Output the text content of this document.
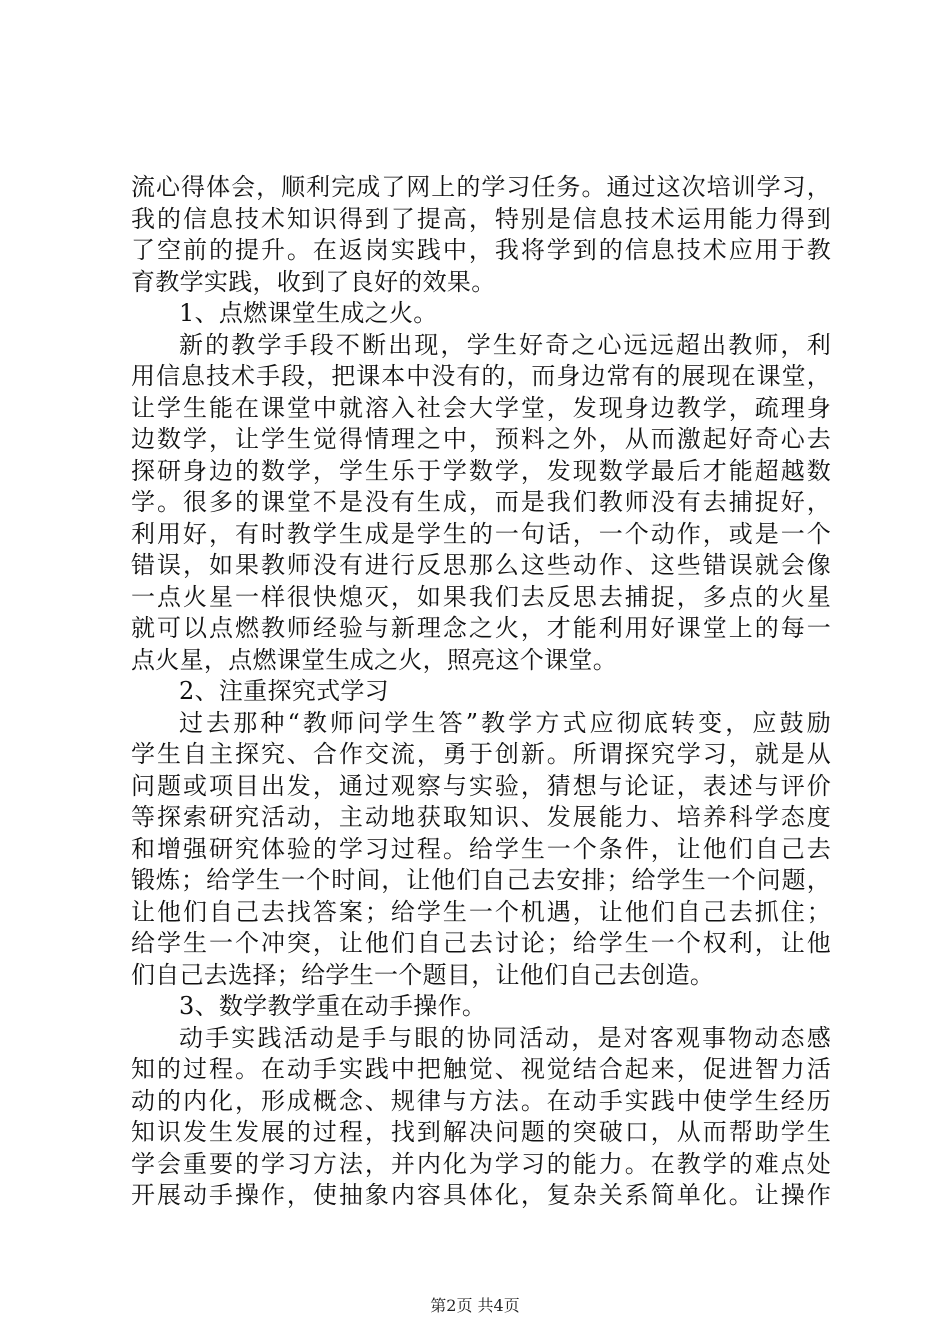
流心得体会，顺利完成了网上的学习任务。通过这次培训学习，
我的信息技术知识得到了提高，特别是信息技术运用能力得到
了空前的提升。在返岗实践中，我将学到的信息技术应用于教
育教学实践，收到了良好的效果。
1、点燃课堂生成之火。
新的教学手段不断出现，学生好奇之心远远超出教师，利
用信息技术手段，把课本中没有的，而身边常有的展现在课堂，
让学生能在课堂中就溶入社会大学堂，发现身边教学，疏理身
边数学，让学生觉得情理之中，预料之外，从而激起好奇心去
探研身边的数学，学生乐于学数学，发现数学最后才能超越数
学。很多的课堂不是没有生成，而是我们教师没有去捕捉好，
利用好，有时教学生成是学生的一句话，一个动作，或是一个
错误，如果教师没有进行反思那么这些动作、这些错误就会像
一点火星一样很快熄灭，如果我们去反思去捕捉，多点的火星
就可以点燃教师经验与新理念之火，才能利用好课堂上的每一
点火星，点燃课堂生成之火，照亮这个课堂。
2、注重探究式学习
过去那种“教师问学生答”教学方式应彻底转变，应鼓励
学生自主探究、合作交流，勇于创新。所谓探究学习，就是从
问题或项目出发，通过观察与实验，猜想与论证，表述与评价
等探索研究活动，主动地获取知识、发展能力、培养科学态度
和增强研究体验的学习过程。给学生一个条件，让他们自己去
锻炼；给学生一个时间，让他们自己去安排；给学生一个问题，
让他们自己去找答案；给学生一个机遇，让他们自己去抓住；
给学生一个冲突，让他们自己去讨论；给学生一个权利，让他
们自己去选择；给学生一个题目，让他们自己去创造。
3、数学教学重在动手操作。
动手实践活动是手与眼的协同活动，是对客观事物动态感
知的过程。在动手实践中把触觉、视觉结合起来，促进智力活
动的内化，形成概念、规律与方法。在动手实践中使学生经历
知识发生发展的过程，找到解决问题的突破口，从而帮助学生
学会重要的学习方法，并内化为学习的能力。在教学的难点处
开展动手操作，使抽象内容具体化，复杂关系简单化。让操作
第2页 共4页
